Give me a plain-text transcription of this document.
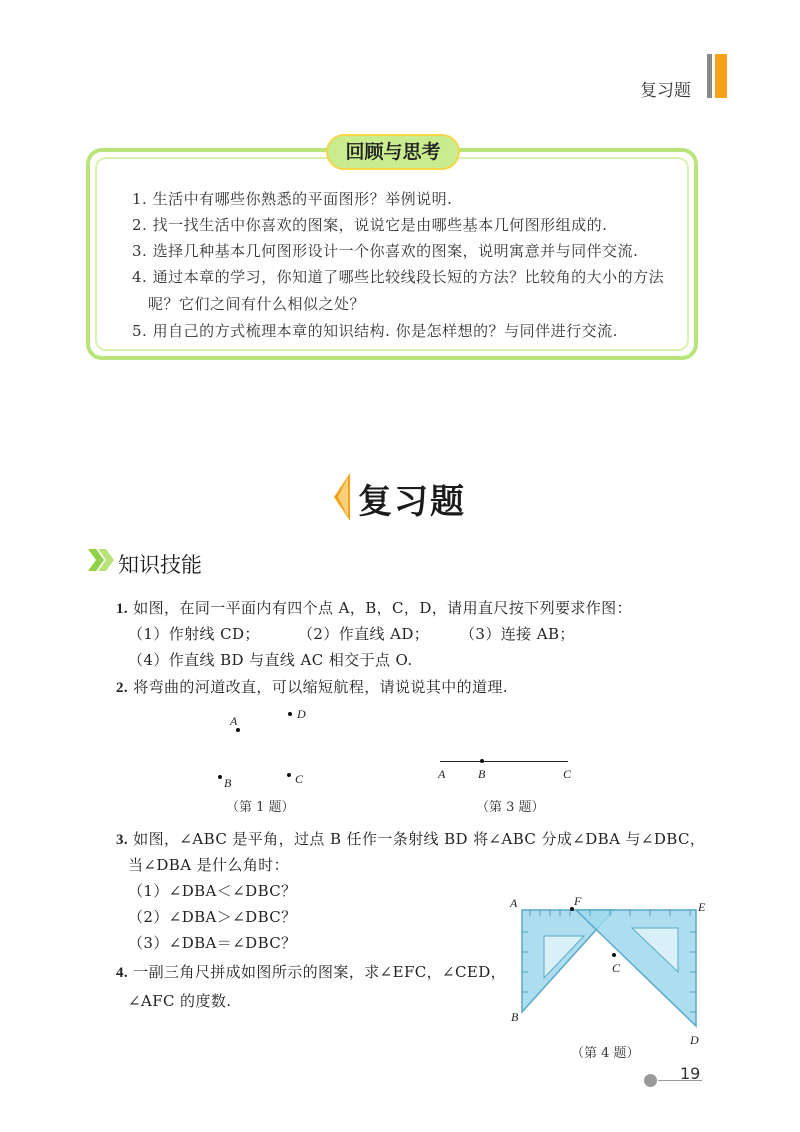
复习题
回顾与思考
1. 生活中有哪些你熟悉的平面图形？举例说明.
2. 找一找生活中你喜欢的图案，说说它是由哪些基本几何图形组成的.
3. 选择几种基本几何图形设计一个你喜欢的图案，说明寓意并与同伴交流.
4. 通过本章的学习，你知道了哪些比较线段长短的方法？比较角的大小的方法
呢？它们之间有什么相似之处？
5. 用自己的方式梳理本章的知识结构. 你是怎样想的？与同伴进行交流.
复习题
知识技能
1. 如图，在同一平面内有四个点 A，B，C，D，请用直尺按下列要求作图：
（1）作射线 CD；	（2）作直线 AD； （3）连接 AB；
（4）作直线 BD 与直线 AC 相交于点 O.
2. 将弯曲的河道改直，可以缩短航程，请说说其中的道理.
A	D
B	C
（第 1 题）
A	B	C
（第 3 题）
3. 如图，∠ABC 是平角，过点 B 任作一条射线 BD 将∠ABC 分成∠DBA 与∠DBC，
当∠DBA 是什么角时：
（1）∠DBA＜∠DBC？
（2）∠DBA＞∠DBC？
（3）∠DBA＝∠DBC？
4. 一副三角尺拼成如图所示的图案，求∠EFC，∠CED，
∠AFC 的度数.
A	F	E
C
B
D
（第 4 题）
19
